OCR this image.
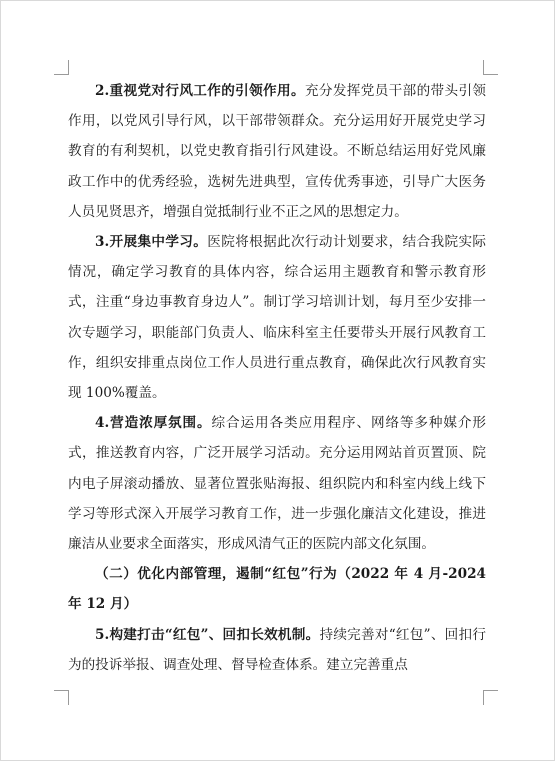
2.重视党对行风工作的引领作用。充分发挥党员干部的带头引领作用，以党风引导行风，以干部带领群众。充分运用好开展党史学习教育的有利契机，以党史教育指引行风建设。不断总结运用好党风廉政工作中的优秀经验，选树先进典型，宣传优秀事迹，引导广大医务人员见贤思齐，增强自觉抵制行业不正之风的思想定力。

3.开展集中学习。医院将根据此次行动计划要求，结合我院实际情况，确定学习教育的具体内容，综合运用主题教育和警示教育形式，注重“身边事教育身边人”。制订学习培训计划，每月至少安排一次专题学习，职能部门负责人、临床科室主任要带头开展行风教育工作，组织安排重点岗位工作人员进行重点教育，确保此次行风教育实现 100%覆盖。

4.营造浓厚氛围。综合运用各类应用程序、网络等多种媒介形式，推送教育内容，广泛开展学习活动。充分运用网站首页置顶、院内电子屏滚动播放、显著位置张贴海报、组织院内和科室内线上线下学习等形式深入开展学习教育工作，进一步强化廉洁文化建设，推进廉洁从业要求全面落实，形成风清气正的医院内部文化氛围。

（二）优化内部管理，遏制“红包”行为（2022 年 4 月-2024 年 12 月）

5.构建打击“红包”、回扣长效机制。持续完善对“红包”、回扣行为的投诉举报、调查处理、督导检查体系。建立完善重点
